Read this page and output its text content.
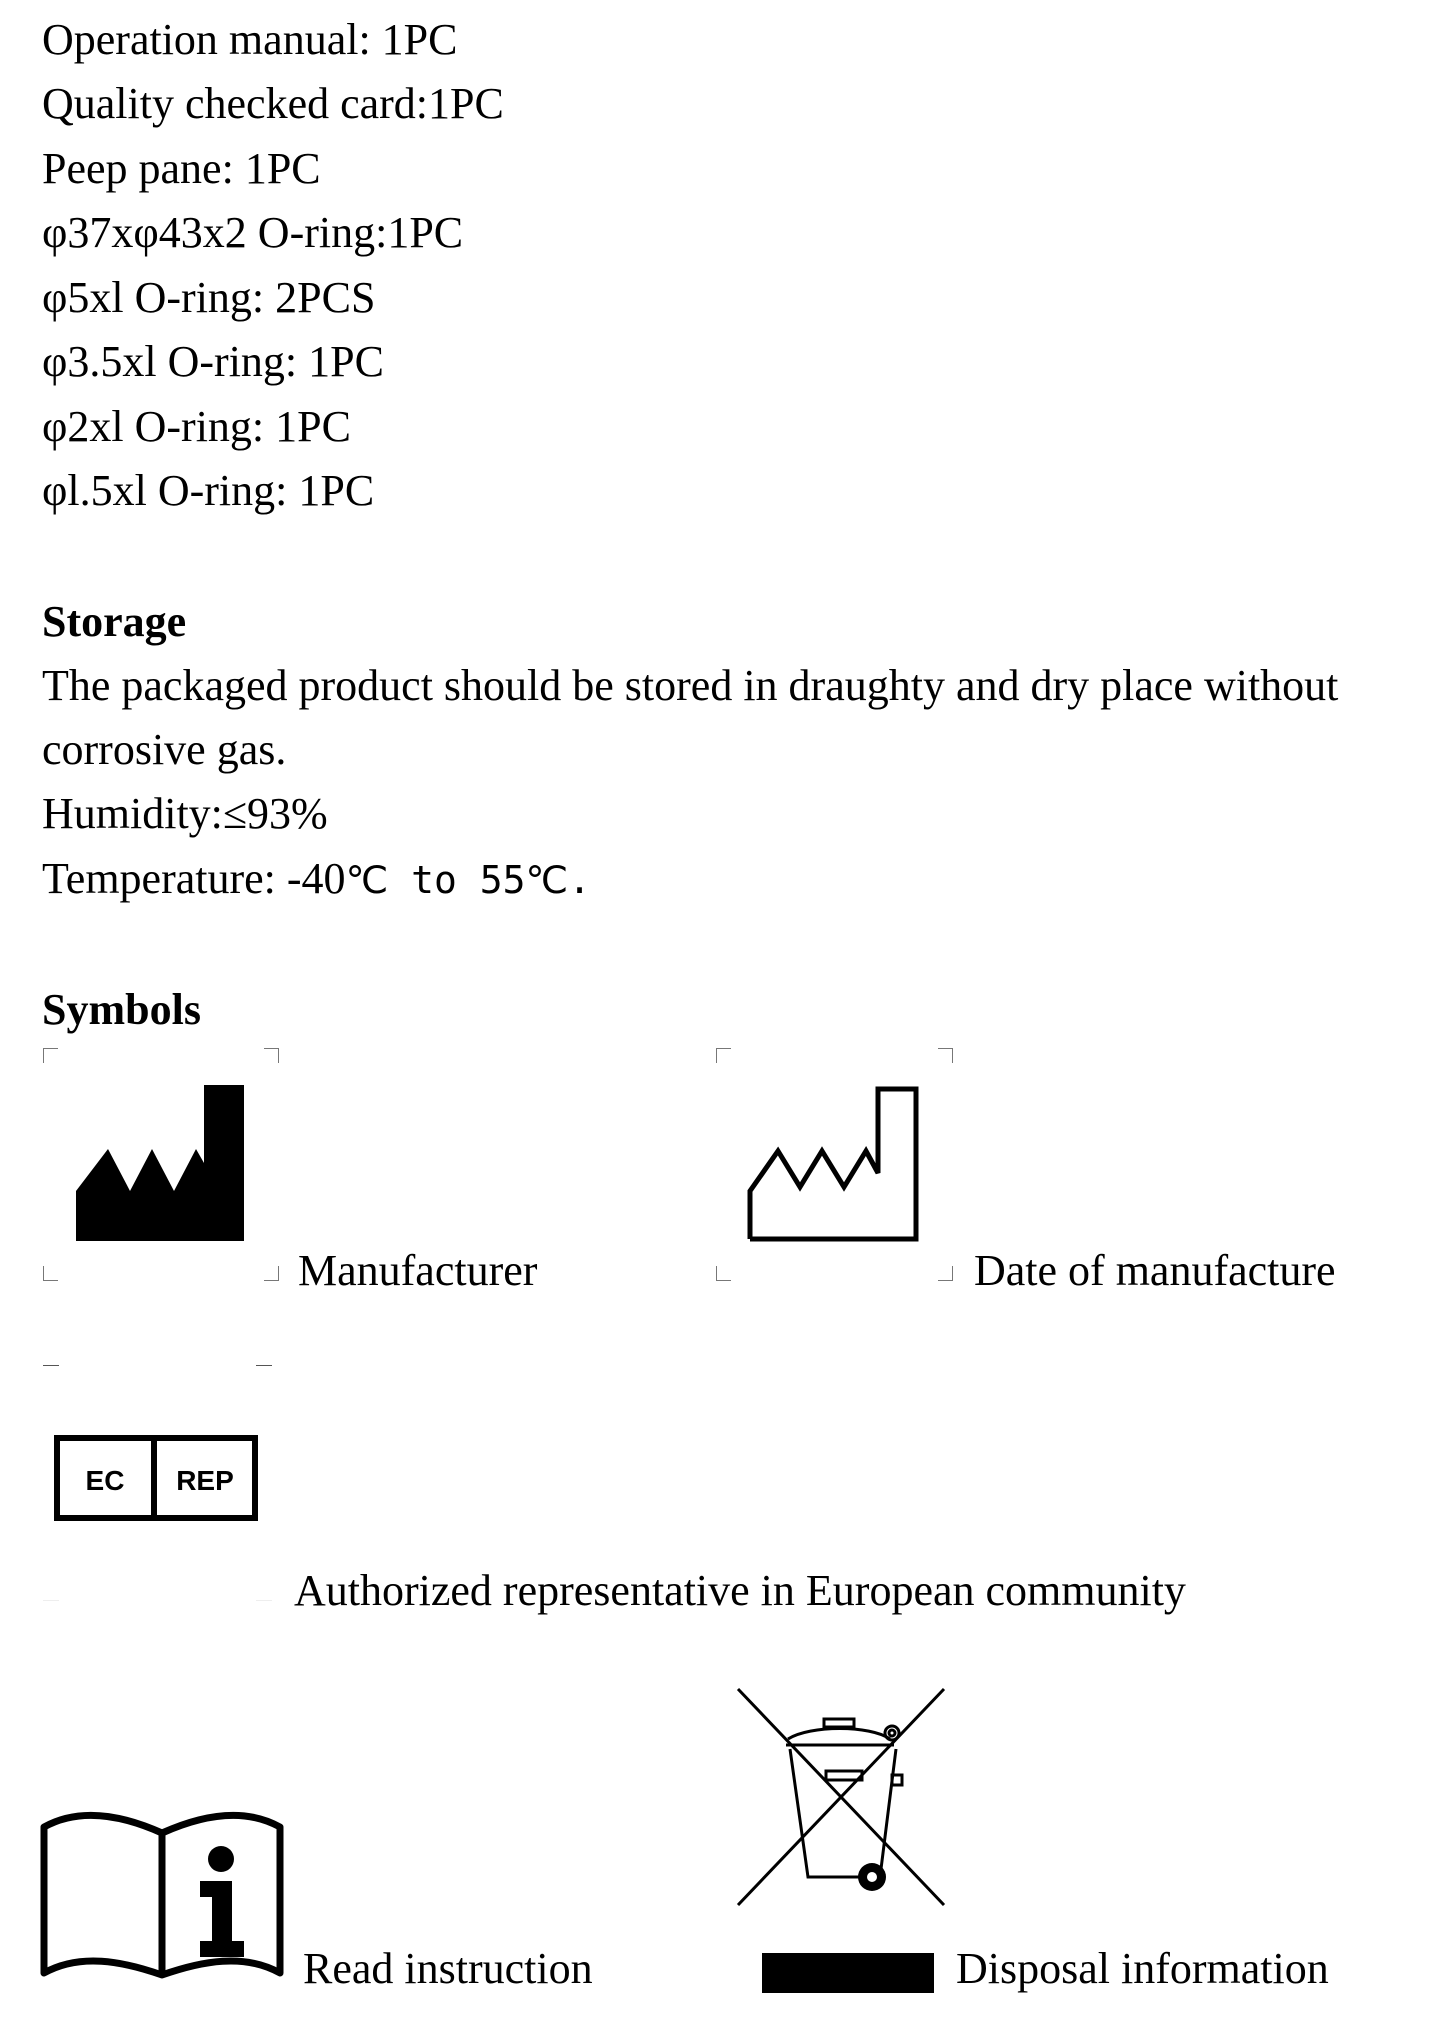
Operation manual: 1PC
Quality checked card:1PC
Peep pane: 1PC
φ37xφ43x2 O-ring:1PC
φ5xl O-ring: 2PCS
φ3.5xl O-ring: 1PC
φ2xl O-ring: 1PC
φl.5xl O-ring: 1PC
Storage
The packaged product should be stored in draughty and dry place without
corrosive gas.
Humidity:≤93%
Temperature: -40℃ to 55℃.
Symbols
Manufacturer	Date of manufacture
EC REP
Authorized representative in European community
Read instruction	Disposal information
